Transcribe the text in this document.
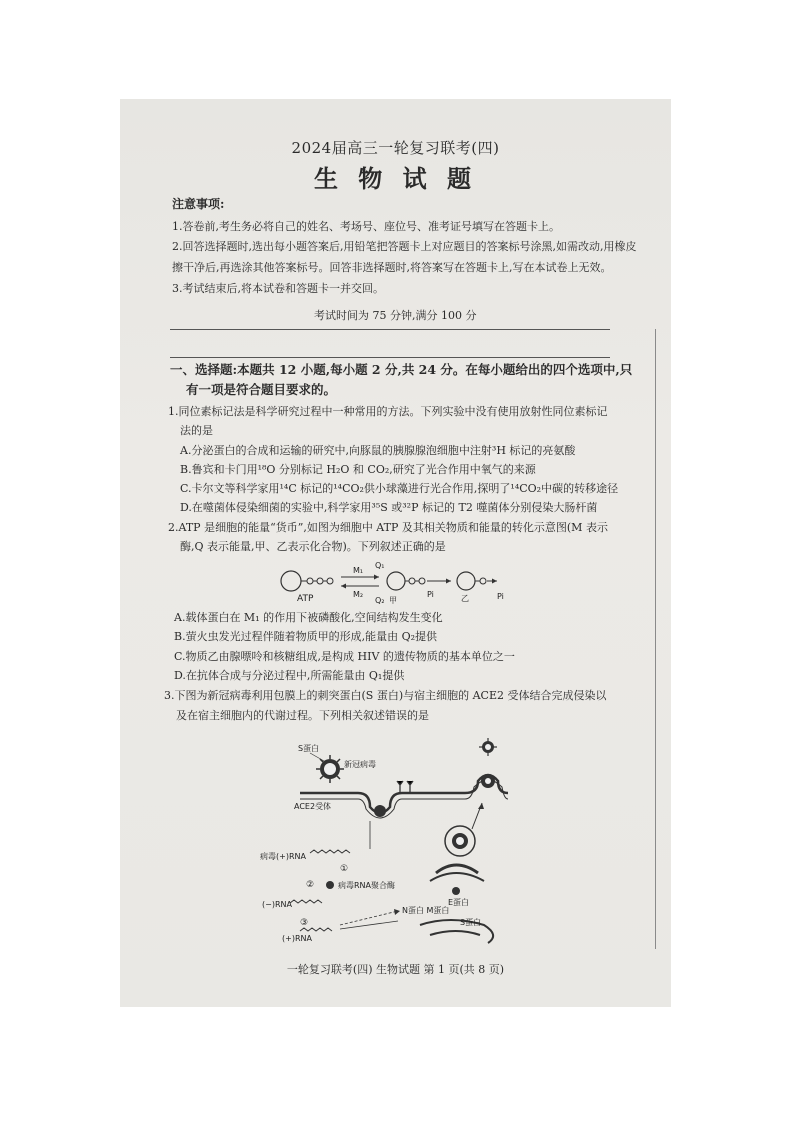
2024届高三一轮复习联考(四)
生 物 试 题
注意事项:
1.答卷前,考生务必将自己的姓名、考场号、座位号、准考证号填写在答题卡上。
2.回答选择题时,选出每小题答案后,用铅笔把答题卡上对应题目的答案标号涂黑,如需改动,用橡皮
擦干净后,再选涂其他答案标号。回答非选择题时,将答案写在答题卡上,写在本试卷上无效。
3.考试结束后,将本试卷和答题卡一并交回。
考试时间为 75 分钟,满分 100 分
一、选择题:本题共 12 小题,每小题 2 分,共 24 分。在每小题给出的四个选项中,只
有一项是符合题目要求的。
1.同位素标记法是科学研究过程中一种常用的方法。下列实验中没有使用放射性同位素标记
法的是
A.分泌蛋白的合成和运输的研究中,向豚鼠的胰腺腺泡细胞中注射³H 标记的亮氨酸
B.鲁宾和卡门用¹⁸O 分别标记 H₂O 和 CO₂,研究了光合作用中氧气的来源
C.卡尔文等科学家用¹⁴C 标记的¹⁴CO₂供小球藻进行光合作用,探明了¹⁴CO₂中碳的转移途径
D.在噬菌体侵染细菌的实验中,科学家用³⁵S 或³²P 标记的 T2 噬菌体分别侵染大肠杆菌
2.ATP 是细胞的能量“货币”,如图为细胞中 ATP 及其相关物质和能量的转化示意图(M 表示
酶,Q 表示能量,甲、乙表示化合物)。下列叙述正确的是
ATP
M₁
M₂
Q₁
Q₂ 甲
Pi	乙	Pi
A.载体蛋白在 M₁ 的作用下被磷酸化,空间结构发生变化
B.萤火虫发光过程伴随着物质甲的形成,能量由 Q₂提供
C.物质乙由腺嘌呤和核糖组成,是构成 HIV 的遗传物质的基本单位之一
D.在抗体合成与分泌过程中,所需能量由 Q₁提供
3.下图为新冠病毒利用包膜上的刺突蛋白(S 蛋白)与宿主细胞的 ACE2 受体结合完成侵染以
及在宿主细胞内的代谢过程。下列相关叙述错误的是
S蛋白
新冠病毒
ACE2受体
病毒(+)RNA
①
②
③
病毒RNA聚合酶
(−)RNA
(+)RNA
N蛋白 M蛋白
E蛋白
S蛋白
一轮复习联考(四) 生物试题 第 1 页(共 8 页)
